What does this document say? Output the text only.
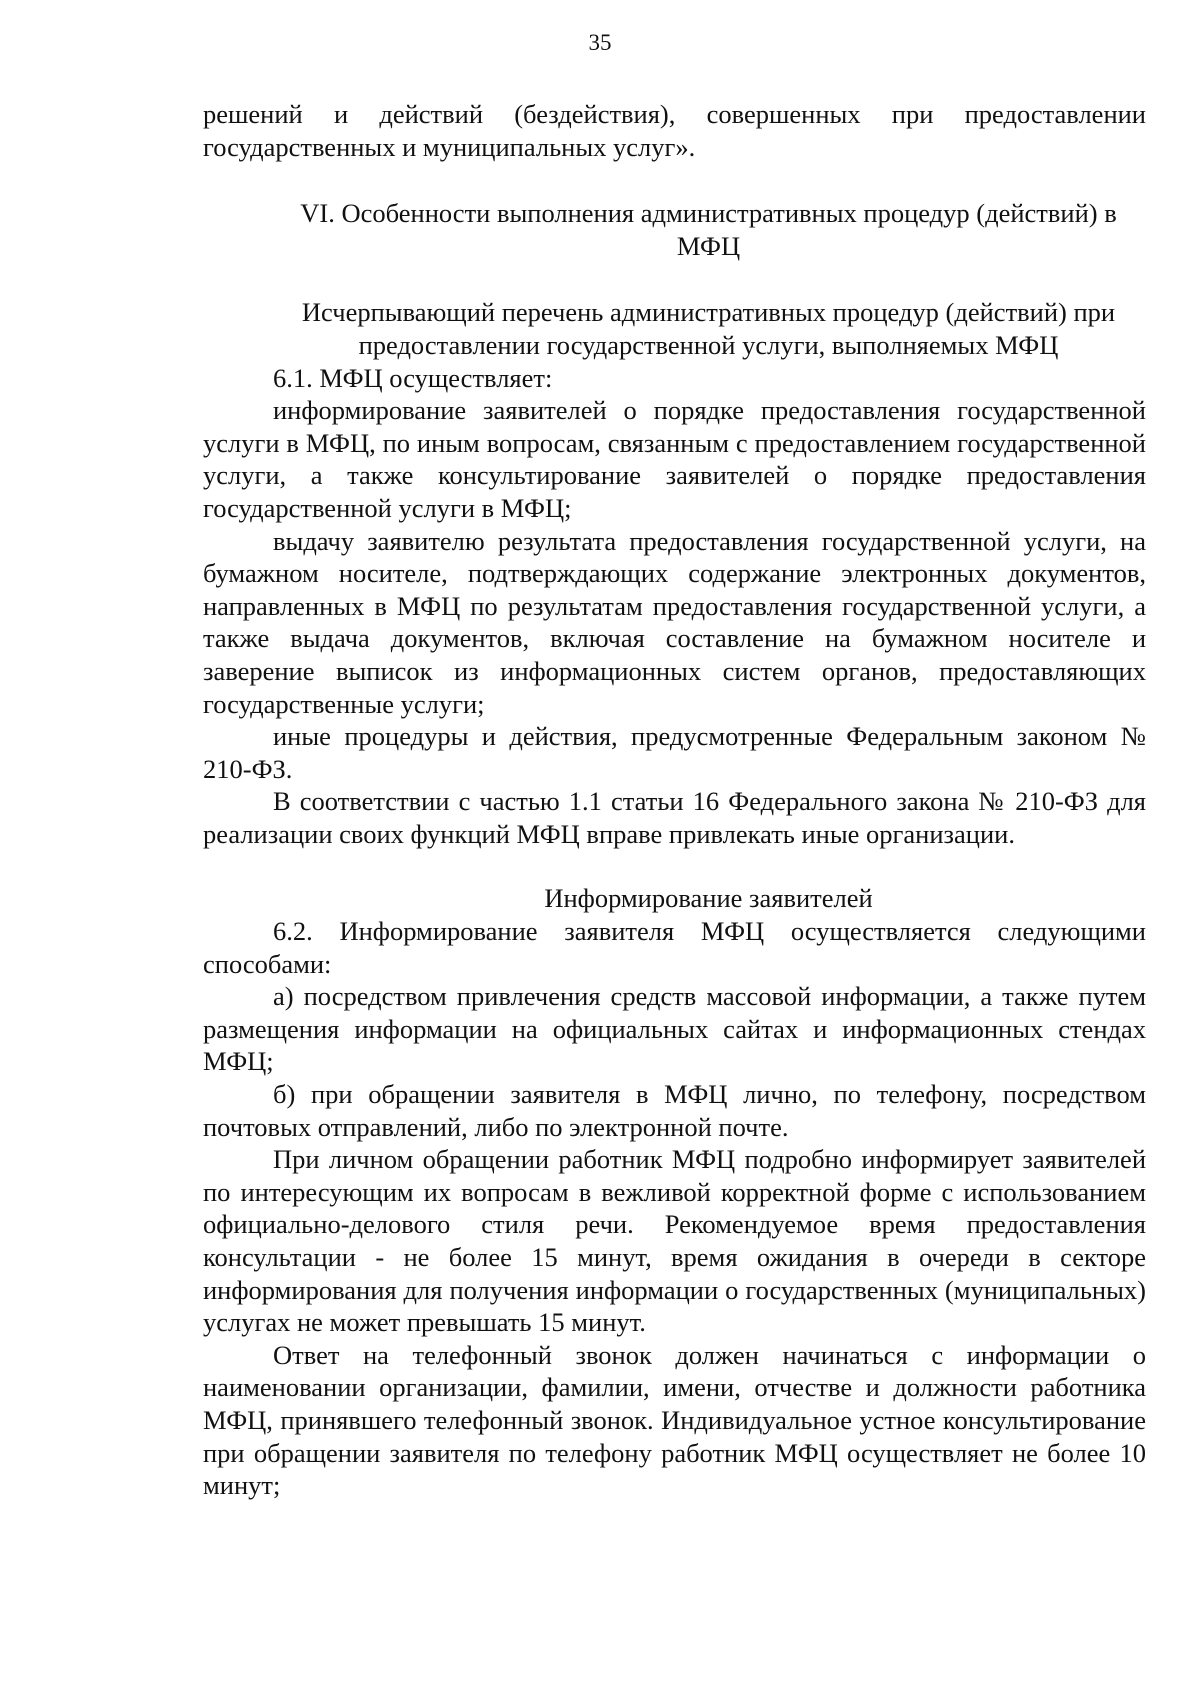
35

решений и действий (бездействия), совершенных при предоставлении государственных и муниципальных услуг».

VI. Особенности выполнения административных процедур (действий) в МФЦ
Исчерпывающий перечень административных процедур (действий) при предоставлении государственной услуги, выполняемых МФЦ

6.1. МФЦ осуществляет:

информирование заявителей о порядке предоставления государственной услуги в МФЦ, по иным вопросам, связанным с предоставлением государственной услуги, а также консультирование заявителей о порядке предоставления государственной услуги в МФЦ;

выдачу заявителю результата предоставления государственной услуги, на бумажном носителе, подтверждающих содержание электронных документов, направленных в МФЦ по результатам предоставления государственной услуги, а также выдача документов, включая составление на бумажном носителе и заверение выписок из информационных систем органов, предоставляющих государственные услуги;

иные процедуры и действия, предусмотренные Федеральным законом № 210-ФЗ.

В соответствии с частью 1.1 статьи 16 Федерального закона № 210-ФЗ для реализации своих функций МФЦ вправе привлекать иные организации.

Информирование заявителей

6.2. Информирование заявителя МФЦ осуществляется следующими способами:

а) посредством привлечения средств массовой информации, а также путем размещения информации на официальных сайтах и информационных стендах МФЦ;

б) при обращении заявителя в МФЦ лично, по телефону, посредством почтовых отправлений, либо по электронной почте.

При личном обращении работник МФЦ подробно информирует заявителей по интересующим их вопросам в вежливой корректной форме с использованием официально-делового стиля речи. Рекомендуемое время предоставления консультации - не более 15 минут, время ожидания в очереди в секторе информирования для получения информации о государственных (муниципальных) услугах не может превышать 15 минут.

Ответ на телефонный звонок должен начинаться с информации о наименовании организации, фамилии, имени, отчестве и должности работника МФЦ, принявшего телефонный звонок. Индивидуальное устное консультирование при обращении заявителя по телефону работник МФЦ осуществляет не более 10 минут;
